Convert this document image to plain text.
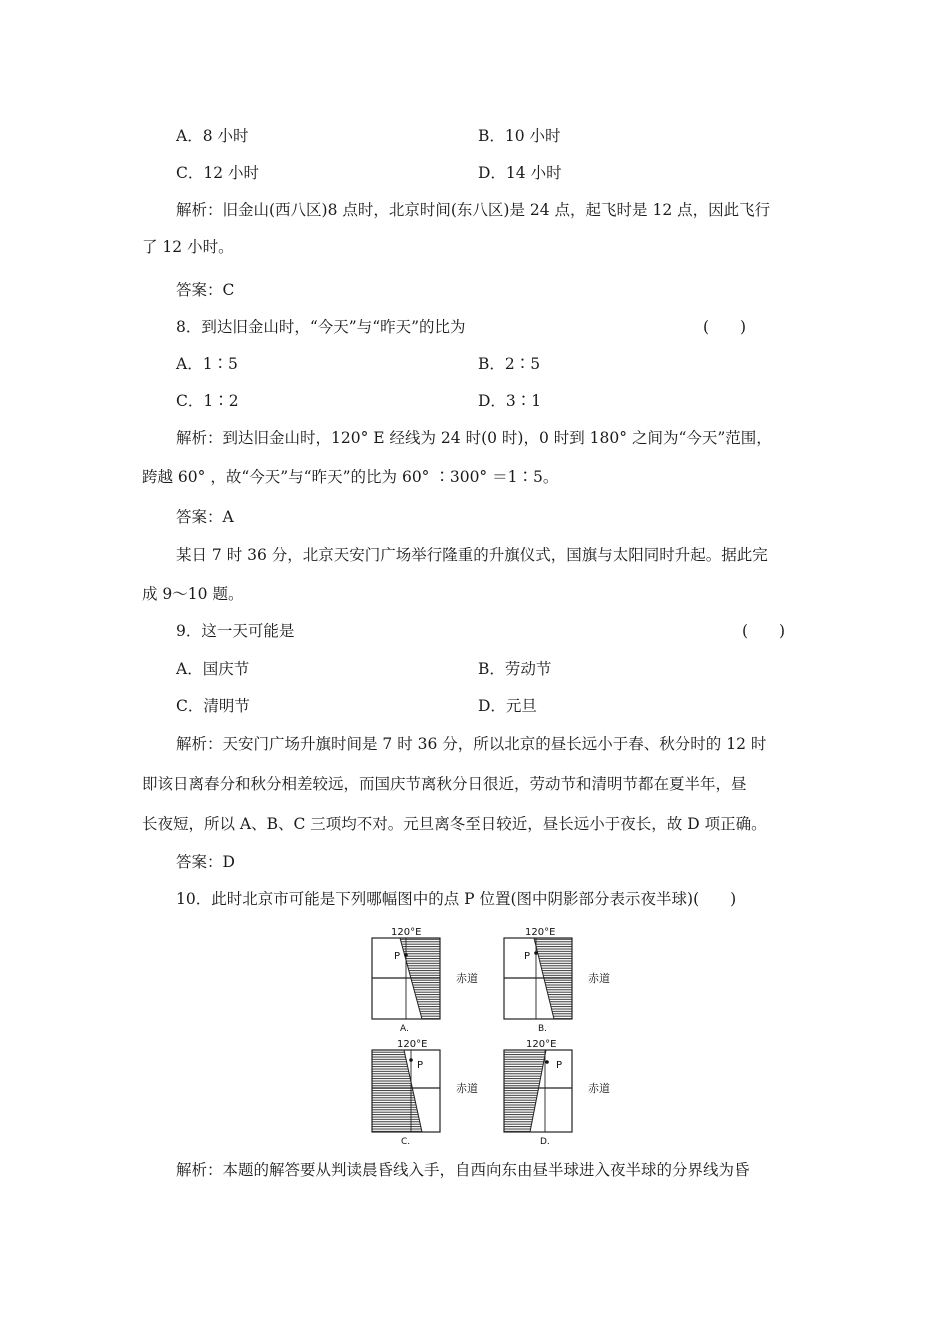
A．8 小时	B．10 小时
C．12 小时	D．14 小时
解析：旧金山(西八区)8 点时，北京时间(东八区)是 24 点，起飞时是 12 点，因此飞行
了 12 小时。
答案：C
8．到达旧金山时，“今天”与“昨天”的比为	(　　)
A．1∶5	B．2∶5
C．1∶2	D．3∶1
解析：到达旧金山时，120° E 经线为 24 时(0 时)，0 时到 180° 之间为“今天”范围，
跨越 60° ，故“今天”与“昨天”的比为 60° ∶300° ＝1∶5。
答案：A
某日 7 时 36 分，北京天安门广场举行隆重的升旗仪式，国旗与太阳同时升起。据此完
成 9～10 题。
9．这一天可能是	(　　)
A．国庆节	B．劳动节
C．清明节	D．元旦
解析：天安门广场升旗时间是 7 时 36 分，所以北京的昼长远小于春、秋分时的 12 时
即该日离春分和秋分相差较远，而国庆节离秋分日很近，劳动节和清明节都在夏半年，昼
长夜短，所以 A、B、C 三项均不对。元旦离冬至日较近，昼长远小于夜长，故 D 项正确。
答案：D
10．此时北京市可能是下列哪幅图中的点 P 位置(图中阴影部分表示夜半球)(　　)
P
120°E
赤道
A.
P
120°E
赤道
B.
P
120°E
赤道
C.
P
120°E
赤道
D.
解析：本题的解答要从判读晨昏线入手，自西向东由昼半球进入夜半球的分界线为昏
